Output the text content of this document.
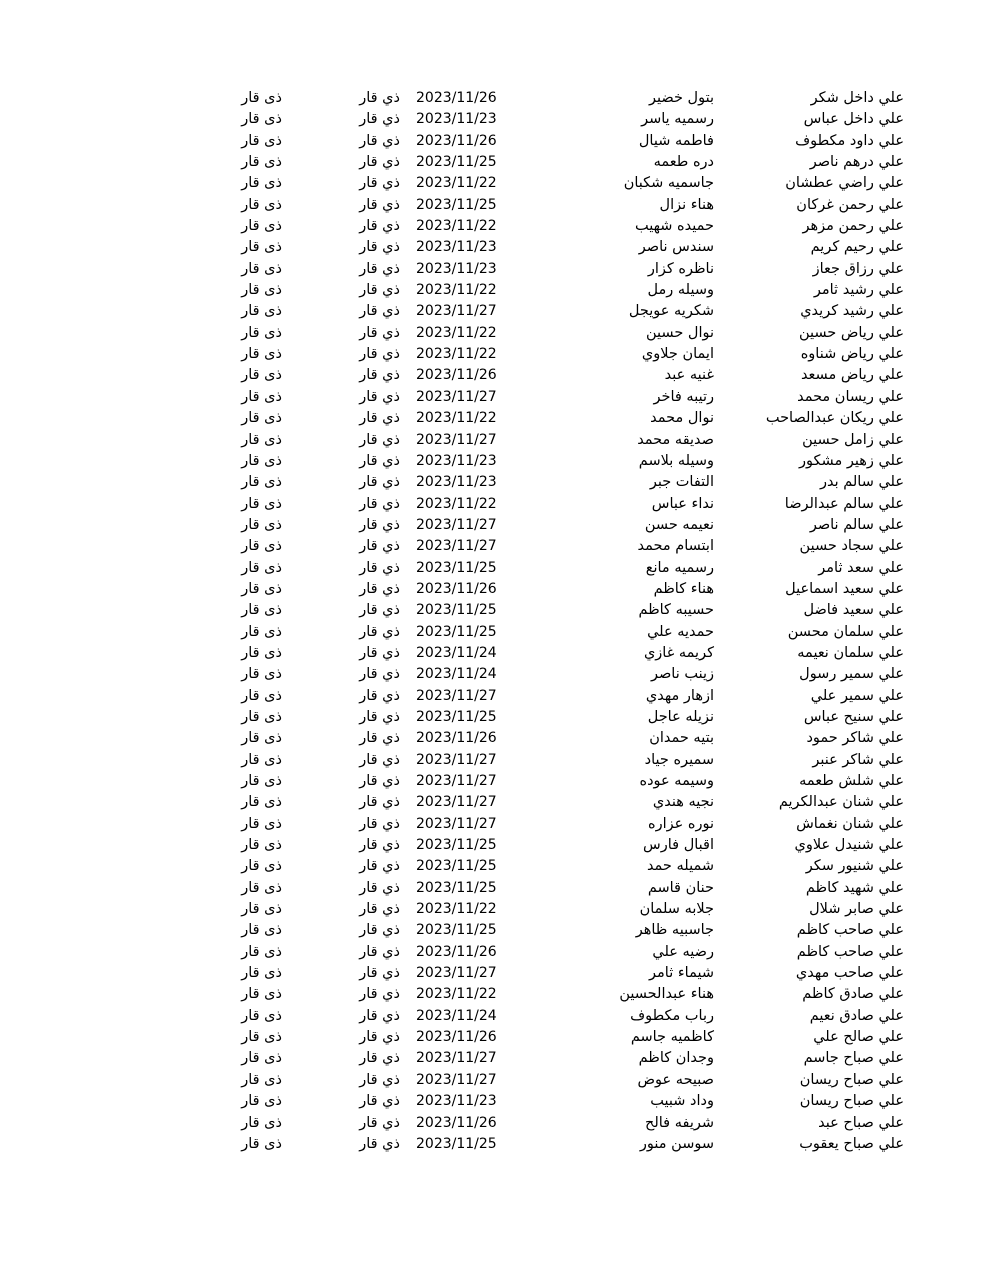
علي داخل شكر
بتول خضير
2023/11/26
ذي قار
ذى قار
علي داخل عباس
رسميه ياسر
2023/11/23
ذي قار
ذى قار
علي داود مكطوف
فاطمه شيال
2023/11/26
ذي قار
ذى قار
علي درهم ناصر
دره طعمه
2023/11/25
ذي قار
ذى قار
علي راضي عطشان
جاسميه شكبان
2023/11/22
ذي قار
ذى قار
علي رحمن غركان
هناء نزال
2023/11/25
ذي قار
ذى قار
علي رحمن مزهر
حميده شهيب
2023/11/22
ذي قار
ذى قار
علي رحيم كريم
سندس ناصر
2023/11/23
ذي قار
ذى قار
علي رزاق جعاز
ناظره كزار
2023/11/23
ذي قار
ذى قار
علي رشيد ثامر
وسيله رمل
2023/11/22
ذي قار
ذى قار
علي رشيد كريدي
شكريه عويجل
2023/11/27
ذي قار
ذى قار
علي رياض حسين
نوال حسين
2023/11/22
ذي قار
ذى قار
علي رياض شناوه
ايمان جلاوي
2023/11/22
ذي قار
ذى قار
علي رياض مسعد
غنيه عبد
2023/11/26
ذي قار
ذى قار
علي ريسان محمد
رتيبه فاخر
2023/11/27
ذي قار
ذى قار
علي ريكان عبدالصاحب
نوال محمد
2023/11/22
ذي قار
ذى قار
علي زامل حسين
صديقه محمد
2023/11/27
ذي قار
ذى قار
علي زهير مشكور
وسيله بلاسم
2023/11/23
ذي قار
ذى قار
علي سالم بدر
التفات جبر
2023/11/23
ذي قار
ذى قار
علي سالم عبدالرضا
نداء عباس
2023/11/22
ذي قار
ذى قار
علي سالم ناصر
نعيمه حسن
2023/11/27
ذي قار
ذى قار
علي سجاد حسين
ابتسام محمد
2023/11/27
ذي قار
ذى قار
علي سعد ثامر
رسميه مانع
2023/11/25
ذي قار
ذى قار
علي سعيد اسماعيل
هناء كاظم
2023/11/26
ذي قار
ذى قار
علي سعيد فاضل
حسيبه كاظم
2023/11/25
ذي قار
ذى قار
علي سلمان محسن
حمديه علي
2023/11/25
ذي قار
ذى قار
علي سلمان نعيمه
كريمه غازي
2023/11/24
ذي قار
ذى قار
علي سمير رسول
زينب ناصر
2023/11/24
ذي قار
ذى قار
علي سمير علي
ازهار مهدي
2023/11/27
ذي قار
ذى قار
علي سنيح عباس
نزيله عاجل
2023/11/25
ذي قار
ذى قار
علي شاكر حمود
بتيه حمدان
2023/11/26
ذي قار
ذى قار
علي شاكر عنبر
سميره جياد
2023/11/27
ذي قار
ذى قار
علي شلش طعمه
وسيمه عوده
2023/11/27
ذي قار
ذى قار
علي شنان عبدالكريم
نجيه هندي
2023/11/27
ذي قار
ذى قار
علي شنان نغماش
نوره عزاره
2023/11/27
ذي قار
ذى قار
علي شنيدل علاوي
اقبال فارس
2023/11/25
ذي قار
ذى قار
علي شنيور سكر
شميله حمد
2023/11/25
ذي قار
ذى قار
علي شهيد كاظم
حنان قاسم
2023/11/25
ذي قار
ذى قار
علي صابر شلال
جلابه سلمان
2023/11/22
ذي قار
ذى قار
علي صاحب كاظم
جاسبيه ظاهر
2023/11/25
ذي قار
ذى قار
علي صاحب كاظم
رضيه علي
2023/11/26
ذي قار
ذى قار
علي صاحب مهدي
شيماء ثامر
2023/11/27
ذي قار
ذى قار
علي صادق كاظم
هناء عبدالحسين
2023/11/22
ذي قار
ذى قار
علي صادق نعيم
رباب مكطوف
2023/11/24
ذي قار
ذى قار
علي صالح علي
كاظميه جاسم
2023/11/26
ذي قار
ذى قار
علي صباح جاسم
وجدان كاظم
2023/11/27
ذي قار
ذى قار
علي صباح ريسان
صبيحه عوض
2023/11/27
ذي قار
ذى قار
علي صباح ريسان
وداد شبيب
2023/11/23
ذي قار
ذى قار
علي صباح عبد
شريفه فالح
2023/11/26
ذي قار
ذى قار
علي صباح يعقوب
سوسن منور
2023/11/25
ذي قار
ذى قار
